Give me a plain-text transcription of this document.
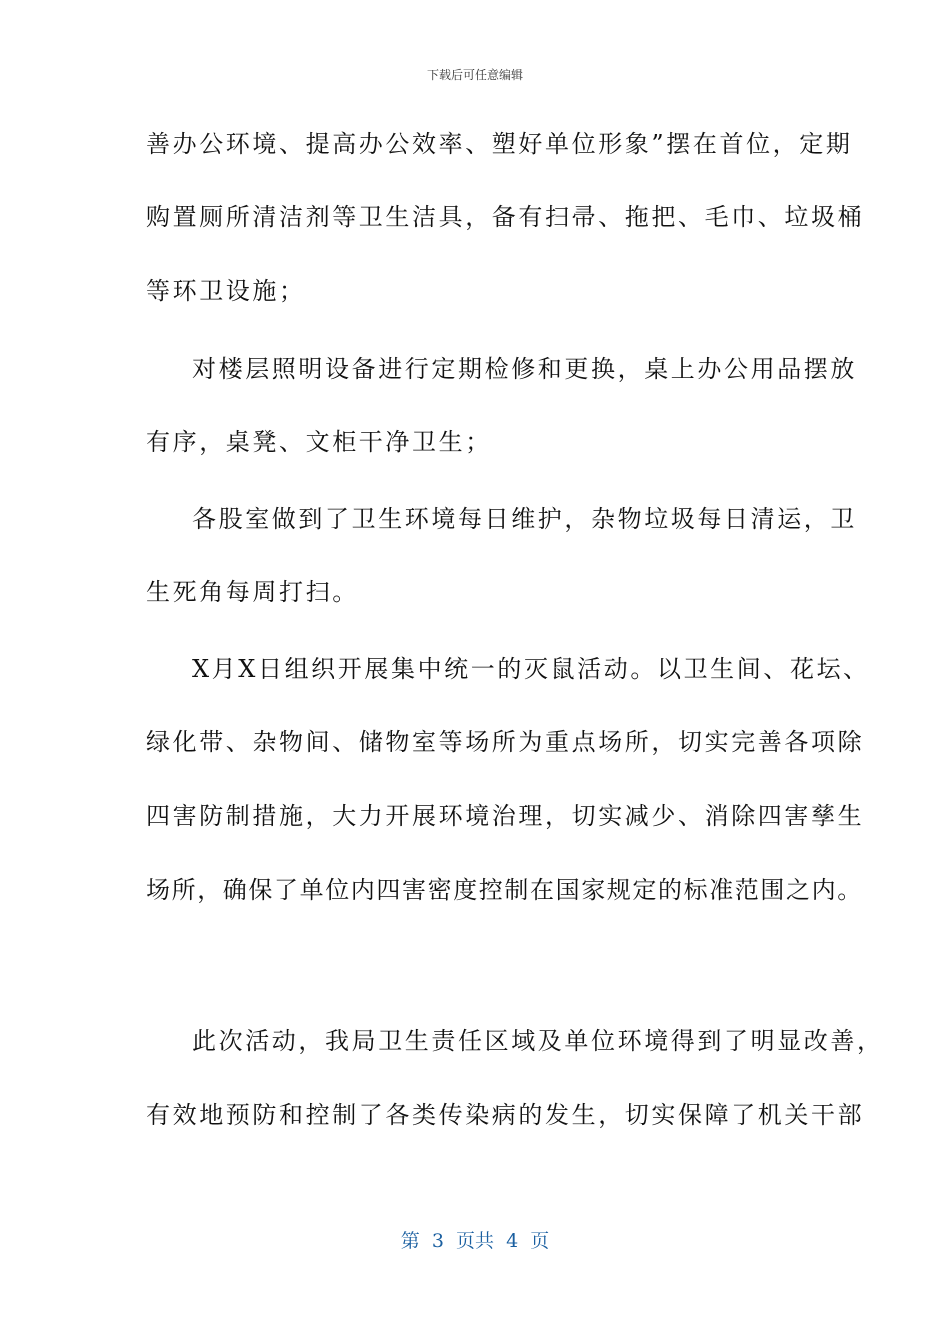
下载后可任意编辑
善办公环境、提高办公效率、塑好单位形象”摆在首位，定期
购置厕所清洁剂等卫生洁具，备有扫帚、拖把、毛巾、垃圾桶
等环卫设施；
对楼层照明设备进行定期检修和更换，桌上办公用品摆放
有序，桌凳、文柜干净卫生；
各股室做到了卫生环境每日维护，杂物垃圾每日清运，卫
生死角每周打扫。
X月X日组织开展集中统一的灭鼠活动。以卫生间、花坛、
绿化带、杂物间、储物室等场所为重点场所，切实完善各项除
四害防制措施，大力开展环境治理，切实减少、消除四害孳生
场所，确保了单位内四害密度控制在国家规定的标准范围之内。
此次活动，我局卫生责任区域及单位环境得到了明显改善，
有效地预防和控制了各类传染病的发生，切实保障了机关干部
第  3  页共  4  页
